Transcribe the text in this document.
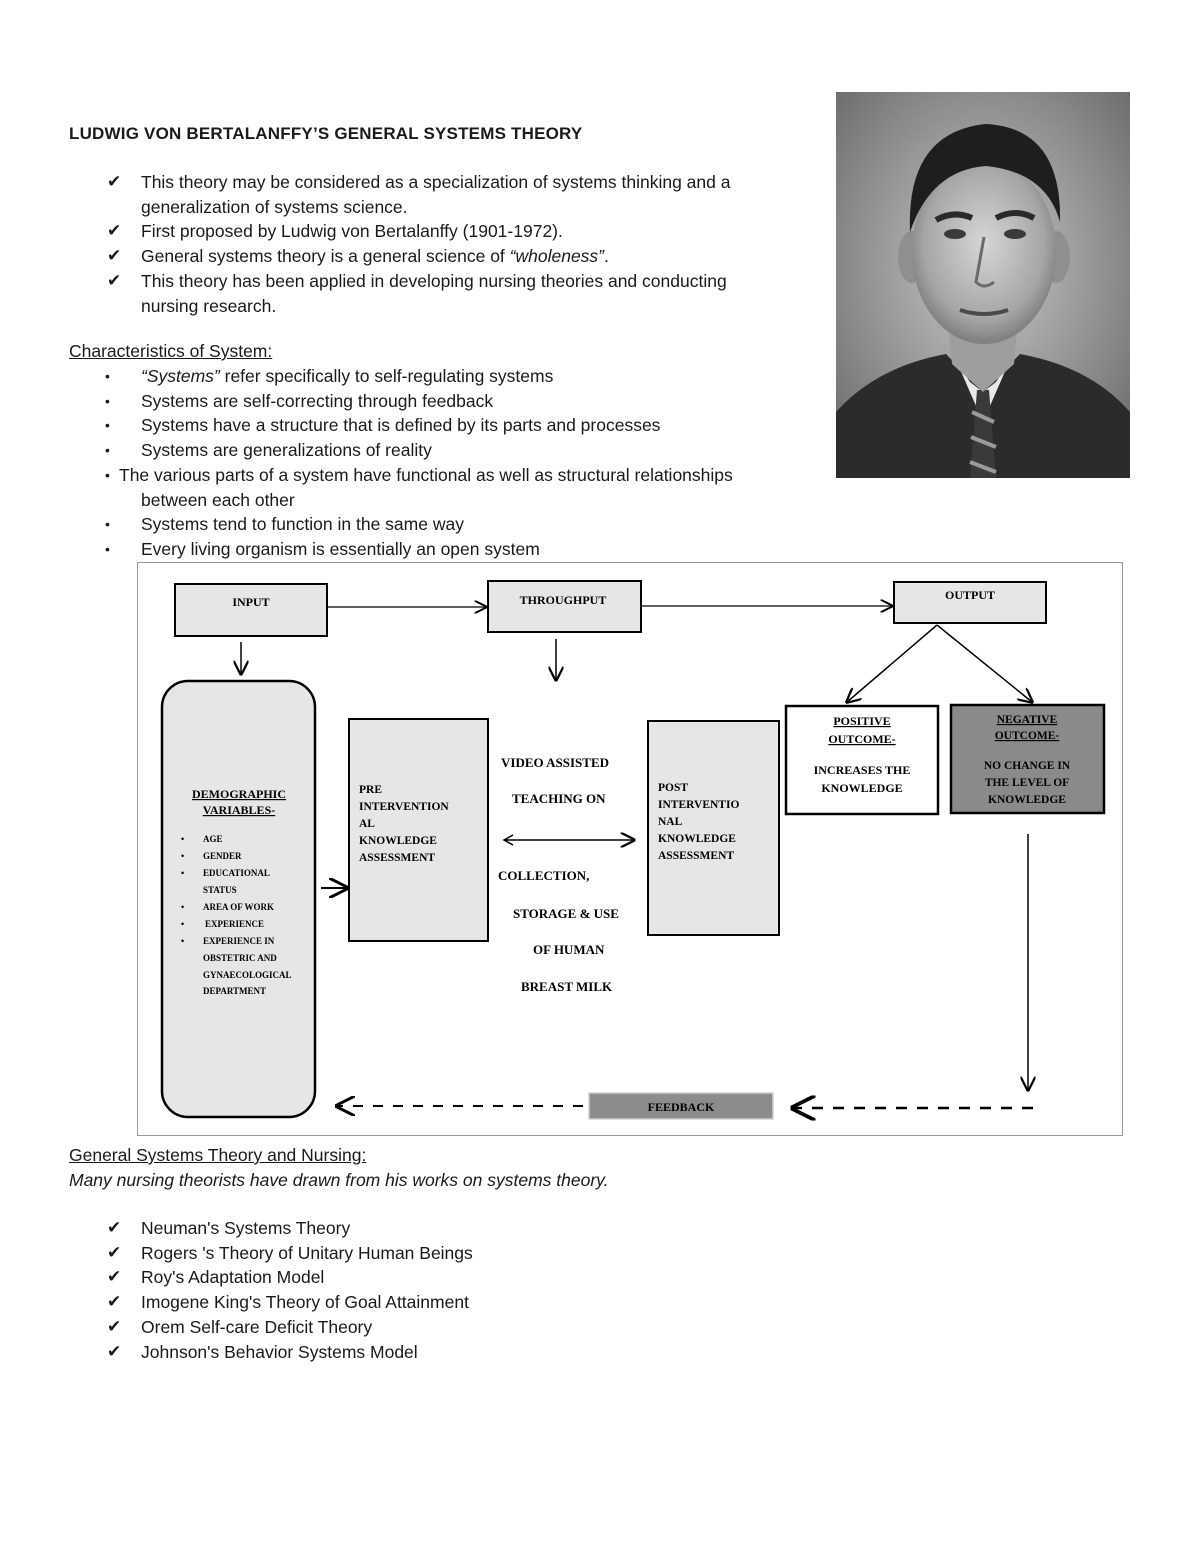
LUDWIG VON BERTALANFFY’S GENERAL SYSTEMS THEORY
✔ This theory may be considered as a specialization of systems thinking and a
generalization of systems science.
✔ First proposed by Ludwig von Bertalanffy (1901-1972).
✔ General systems theory is a general science of “wholeness”.
✔ This theory has been applied in developing nursing theories and conducting
nursing research.
Characteristics of System:
• “Systems” refer specifically to self-regulating systems
• Systems are self-correcting through feedback
• Systems have a structure that is defined by its parts and processes
• Systems are generalizations of reality
• The various parts of a system have functional as well as structural relationships
between each other
• Systems tend to function in the same way
• Every living organism is essentially an open system
INPUT	THROUGHPUT	OUTPUT
DEMOGRAPHIC
VARIABLES-
• AGE
• GENDER
• EDUCATIONAL
STATUS
• AREA OF WORK
• EXPERIENCE
• EXPERIENCE IN
OBSTETRIC AND
GYNAECOLOGICAL
DEPARTMENT
PRE
INTERVENTION
AL
KNOWLEDGE
ASSESSMENT
VIDEO ASSISTED
TEACHING ON
COLLECTION,
STORAGE & USE
OF HUMAN
BREAST MILK
POST
INTERVENTIO
NAL
KNOWLEDGE
ASSESSMENT
POSITIVE
OUTCOME-
INCREASES THE
KNOWLEDGE
NEGATIVE
OUTCOME-
NO CHANGE IN
THE LEVEL OF
KNOWLEDGE
FEEDBACK
General Systems Theory and Nursing:
Many nursing theorists have drawn from his works on systems theory.
✔ Neuman's Systems Theory
✔ Rogers 's Theory of Unitary Human Beings
✔ Roy's Adaptation Model
✔ Imogene King's Theory of Goal Attainment
✔ Orem Self-care Deficit Theory
✔ Johnson's Behavior Systems Model
